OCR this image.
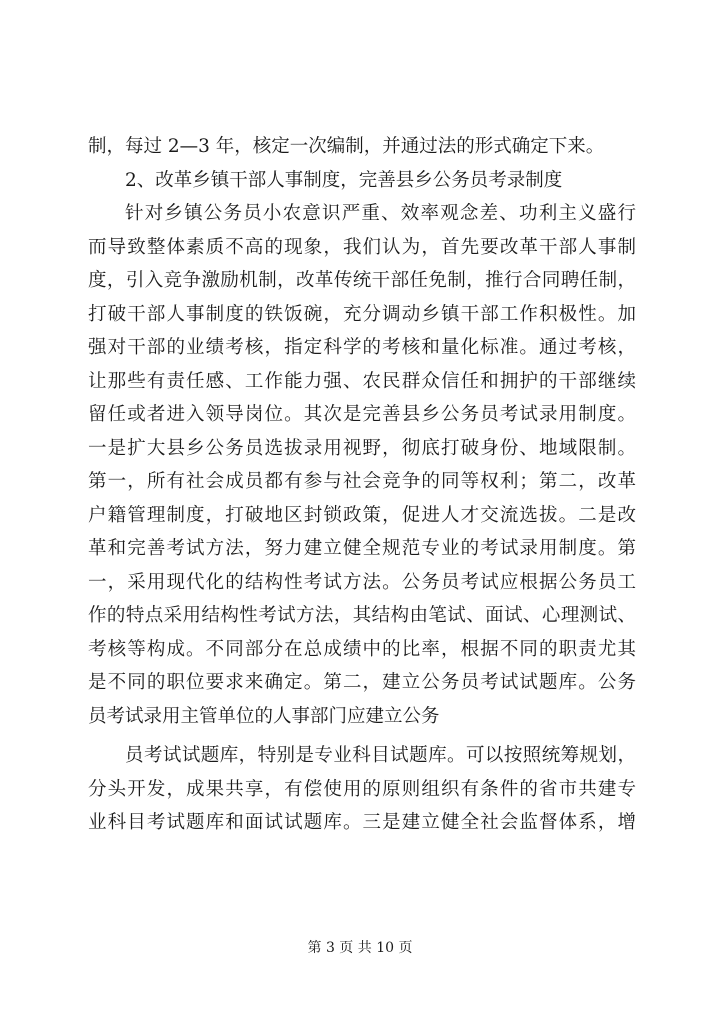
制，每过 2—3 年，核定一次编制，并通过法的形式确定下来。
2、改革乡镇干部人事制度，完善县乡公务员考录制度
针对乡镇公务员小农意识严重、效率观念差、功利主义盛行
而导致整体素质不高的现象，我们认为，首先要改革干部人事制
度，引入竞争激励机制，改革传统干部任免制，推行合同聘任制，
打破干部人事制度的铁饭碗，充分调动乡镇干部工作积极性。加
强对干部的业绩考核，指定科学的考核和量化标准。通过考核，
让那些有责任感、工作能力强、农民群众信任和拥护的干部继续
留任或者进入领导岗位。其次是完善县乡公务员考试录用制度。
一是扩大县乡公务员选拔录用视野，彻底打破身份、地域限制。
第一，所有社会成员都有参与社会竞争的同等权利；第二，改革
户籍管理制度，打破地区封锁政策，促进人才交流选拔。二是改
革和完善考试方法，努力建立健全规范专业的考试录用制度。第
一，采用现代化的结构性考试方法。公务员考试应根据公务员工
作的特点采用结构性考试方法，其结构由笔试、面试、心理测试、
考核等构成。不同部分在总成绩中的比率，根据不同的职责尤其
是不同的职位要求来确定。第二，建立公务员考试试题库。公务
员考试录用主管单位的人事部门应建立公务
员考试试题库，特别是专业科目试题库。可以按照统筹规划，
分头开发，成果共享，有偿使用的原则组织有条件的省市共建专
业科目考试题库和面试试题库。三是建立健全社会监督体系，增
第 3 页 共 10 页
